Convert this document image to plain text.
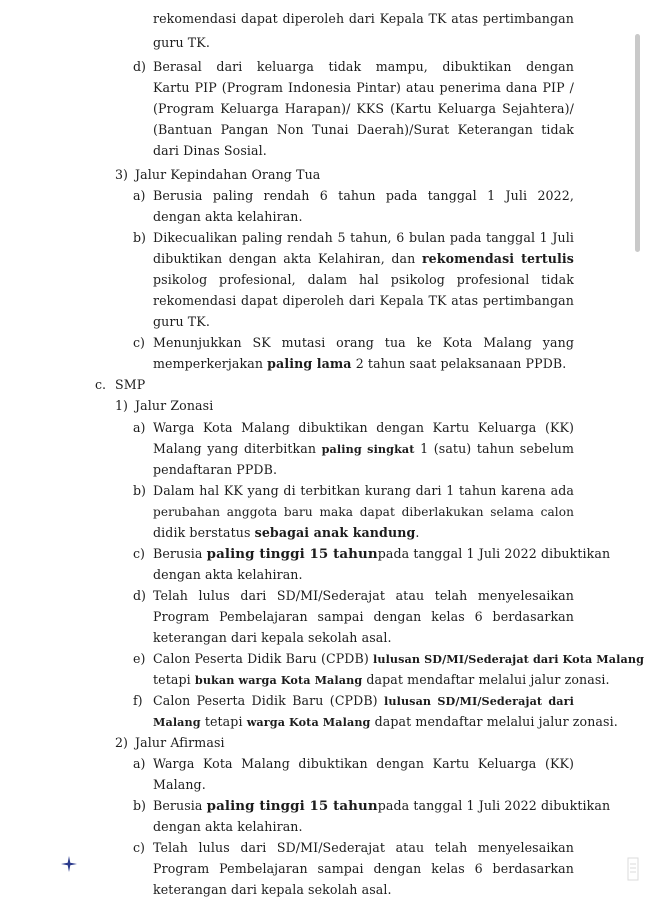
rekomendasi dapat diperoleh dari Kepala TK atas pertimbangan
guru TK.
d) Berasal dari keluarga tidak mampu, dibuktikan dengan
Kartu PIP (Program Indonesia Pintar) atau penerima dana PIP /
(Program Keluarga Harapan)/ KKS (Kartu Keluarga Sejahtera)/
(Bantuan Pangan Non Tunai Daerah)/Surat Keterangan tidak
dari Dinas Sosial.
3) Jalur Kepindahan Orang Tua
a) Berusia paling rendah 6 tahun pada tanggal 1 Juli 2022,
dengan akta kelahiran.
b) Dikecualikan paling rendah 5 tahun, 6 bulan pada tanggal 1 Juli
dibuktikan dengan akta Kelahiran, dan rekomendasi tertulis
psikolog profesional, dalam hal psikolog profesional tidak
rekomendasi dapat diperoleh dari Kepala TK atas pertimbangan
guru TK.
c) Menunjukkan SK mutasi orang tua ke Kota Malang yang
memperkerjakan paling lama 2 tahun saat pelaksanaan PPDB.
c. SMP
1) Jalur Zonasi
a) Warga Kota Malang dibuktikan dengan Kartu Keluarga (KK)
Malang yang diterbitkan paling singkat 1 (satu) tahun sebelum
pendaftaran PPDB.
b) Dalam hal KK yang di terbitkan kurang dari 1 tahun karena ada
perubahan anggota baru maka dapat diberlakukan selama calon
didik berstatus sebagai anak kandung.
c) Berusia paling tinggi 15 tahunpada tanggal 1 Juli 2022 dibuktikan
dengan akta kelahiran.
d) Telah lulus dari SD/MI/Sederajat atau telah menyelesaikan
Program Pembelajaran sampai dengan kelas 6 berdasarkan
keterangan dari kepala sekolah asal.
e) Calon Peserta Didik Baru (CPDB) lulusan SD/MI/Sederajat dari Kota Malang
tetapi bukan warga Kota Malang dapat mendaftar melalui jalur zonasi.
f) Calon Peserta Didik Baru (CPDB) lulusan SD/MI/Sederajat dari
Malang tetapi warga Kota Malang dapat mendaftar melalui jalur zonasi.
2) Jalur Afirmasi
a) Warga Kota Malang dibuktikan dengan Kartu Keluarga (KK)
Malang.
b) Berusia paling tinggi 15 tahunpada tanggal 1 Juli 2022 dibuktikan
dengan akta kelahiran.
c) Telah lulus dari SD/MI/Sederajat atau telah menyelesaikan
Program Pembelajaran sampai dengan kelas 6 berdasarkan
keterangan dari kepala sekolah asal.
